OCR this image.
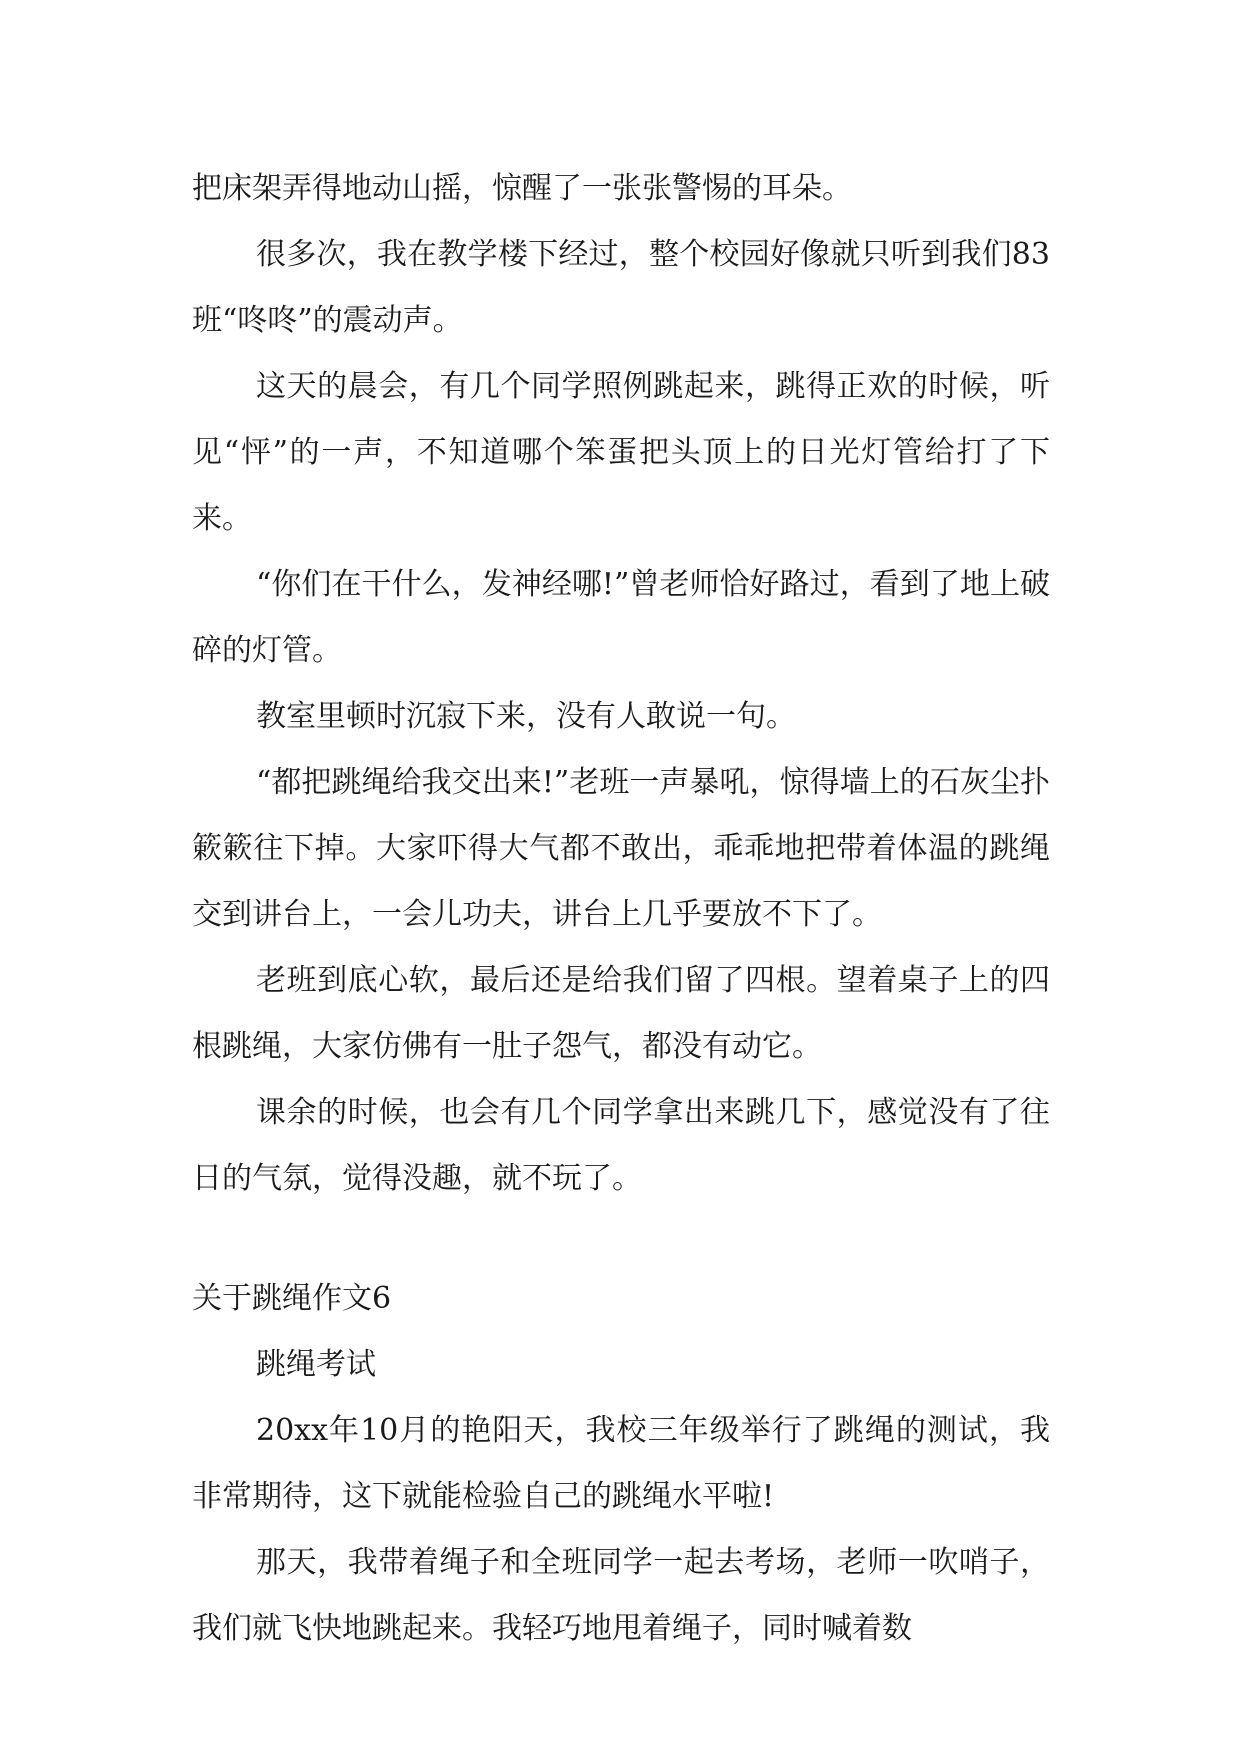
把床架弄得地动山摇，惊醒了一张张警惕的耳朵。

很多次，我在教学楼下经过，整个校园好像就只听到我们83班“咚咚”的震动声。

这天的晨会，有几个同学照例跳起来，跳得正欢的时候，听见“怦”的一声，不知道哪个笨蛋把头顶上的日光灯管给打了下来。

“你们在干什么，发神经哪!”曾老师恰好路过，看到了地上破碎的灯管。

教室里顿时沉寂下来，没有人敢说一句。

“都把跳绳给我交出来!”老班一声暴吼，惊得墙上的石灰尘扑簌簌往下掉。大家吓得大气都不敢出，乖乖地把带着体温的跳绳交到讲台上，一会儿功夫，讲台上几乎要放不下了。

老班到底心软，最后还是给我们留了四根。望着桌子上的四根跳绳，大家仿佛有一肚子怨气，都没有动它。

课余的时候，也会有几个同学拿出来跳几下，感觉没有了往日的气氛，觉得没趣，就不玩了。

关于跳绳作文6

跳绳考试

20xx年10月的艳阳天，我校三年级举行了跳绳的测试，我非常期待，这下就能检验自己的跳绳水平啦!

那天，我带着绳子和全班同学一起去考场，老师一吹哨子，我们就飞快地跳起来。我轻巧地甩着绳子，同时喊着数
